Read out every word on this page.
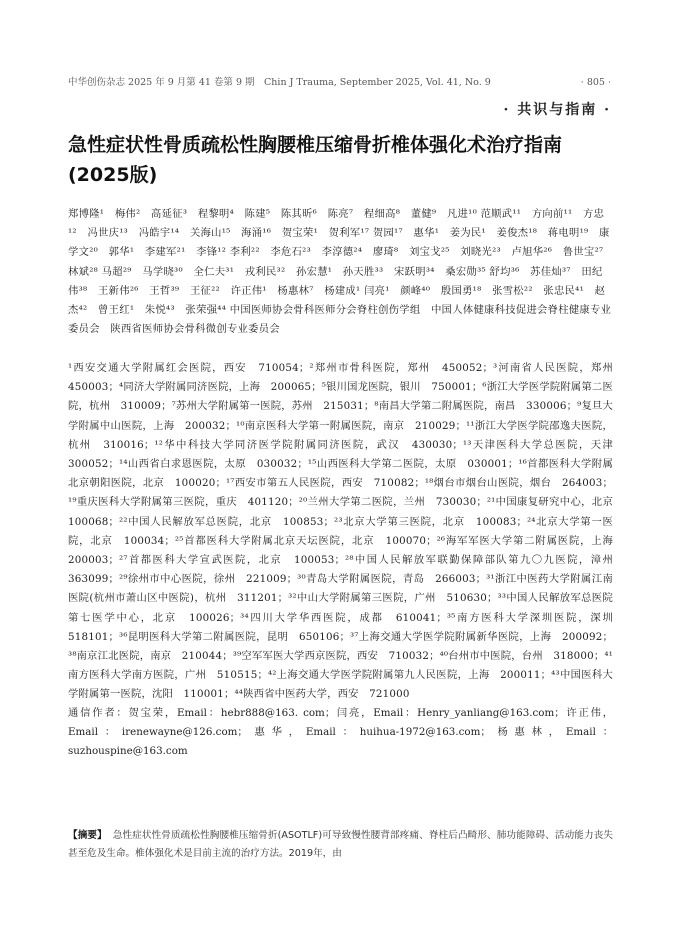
中华创伤杂志 2025 年 9 月第 41 卷第 9 期　Chin J Trauma, September 2025, Vol. 41, No. 9	· 805 ·
· 共识与指南 ·
急性症状性骨质疏松性胸腰椎压缩骨折椎体强化术治疗指南(2025版)
郑博隆¹　梅伟²　高延征³　程黎明⁴　陈建⁵　陈其昕⁶　陈亮⁷　程细高⁸　董健⁹　凡进¹⁰ 范顺武¹¹　方向前¹¹　方忠¹²　冯世庆¹³　冯皓宇¹⁴　关海山¹⁵　海涌¹⁶　贺宝荣¹　贺利军¹⁷ 贺园¹⁷　惠华¹　姜为民¹　姜俊杰¹⁸　蒋电明¹⁹　康学文²⁰　郭华¹　李建军²¹　李锋¹² 李利²²　李危石²³　李淳德²⁴　廖琦⁸　刘宝戈²⁵　刘晓光²³　卢旭华²⁶　鲁世宝²⁷　林斌²⁸ 马超²⁹　马学晓³⁰　全仁夫³¹　戎利民³²　孙宏慧¹　孙天胜³³　宋跃明³⁴　桑宏勋³⁵ 舒均³⁶　苏佳灿³⁷　田纪伟³⁸　王新伟²⁶　王哲³⁹　王征²²　许正伟¹　杨惠林⁷　杨建成¹ 闫亮¹　颜峰⁴⁰　殷国勇¹⁸　张雪松²²　张忠民⁴¹　赵杰⁴²　曾王红¹　朱悦⁴³　张荣强⁴⁴ 中国医师协会骨科医师分会脊柱创伤学组　中国人体健康科技促进会脊柱健康专业委员会　陕西省医师协会骨科微创专业委员会
¹西安交通大学附属红会医院，西安　710054；²郑州市骨科医院，郑州　450052；³河南省人民医院，郑州　450003；⁴同济大学附属同济医院，上海　200065；⁵银川国龙医院，银川　750001；⁶浙江大学医学院附属第二医院，杭州　310009；⁷苏州大学附属第一医院，苏州　215031；⁸南昌大学第二附属医院，南昌　330006；⁹复旦大学附属中山医院，上海　200032；¹⁰南京医科大学第一附属医院，南京　210029；¹¹浙江大学医学院邵逸夫医院，杭州　310016；¹²华中科技大学同济医学院附属同济医院，武汉　430030；¹³天津医科大学总医院，天津　300052；¹⁴山西省白求恩医院，太原　030032；¹⁵山西医科大学第二医院，太原　030001；¹⁶首都医科大学附属北京朝阳医院，北京　100020；¹⁷西安市第五人民医院，西安　710082；¹⁸烟台市烟台山医院，烟台　264003；¹⁹重庆医科大学附属第三医院，重庆　401120；²⁰兰州大学第二医院，兰州　730030；²¹中国康复研究中心，北京　100068；²²中国人民解放军总医院，北京　100853；²³北京大学第三医院，北京　100083；²⁴北京大学第一医院，北京　100034；²⁵首都医科大学附属北京天坛医院，北京　100070；²⁶海军军医大学第二附属医院，上海　200003；²⁷首都医科大学宣武医院，北京　100053；²⁸中国人民解放军联勤保障部队第九〇九医院，漳州　363099；²⁹徐州市中心医院，徐州　221009；³⁰青岛大学附属医院，青岛　266003；³¹浙江中医药大学附属江南医院(杭州市萧山区中医院)，杭州　311201；³²中山大学附属第三医院，广州　510630；³³中国人民解放军总医院第七医学中心，北京　100026；³⁴四川大学华西医院，成都　610041；³⁵南方医科大学深圳医院，深圳　518101；³⁶昆明医科大学第二附属医院，昆明　650106；³⁷上海交通大学医学院附属新华医院，上海　200092；³⁸南京江北医院，南京　210044；³⁹空军军医大学西京医院，西安　710032；⁴⁰台州市中医院，台州　318000；⁴¹南方医科大学南方医院，广州　510515；⁴²上海交通大学医学院附属第九人民医院，上海　200011；⁴³中国医科大学附属第一医院，沈阳　110001；⁴⁴陕西省中医药大学，西安　721000
通信作者：贺宝荣，Email：hebr888@163. com；闫亮，Email：Henry_yanliang@163.com；许正伟，Email：irenewayne@126.com；惠华，Email：huihua-1972@163.com；杨惠林，Email：suzhouspine@163.com
【摘要】 急性症状性骨质疏松性胸腰椎压缩骨折(ASOTLF)可导致慢性腰背部疼痛、脊柱后凸畸形、肺功能障碍、活动能力丧失甚至危及生命。椎体强化术是目前主流的治疗方法。2019年，由
